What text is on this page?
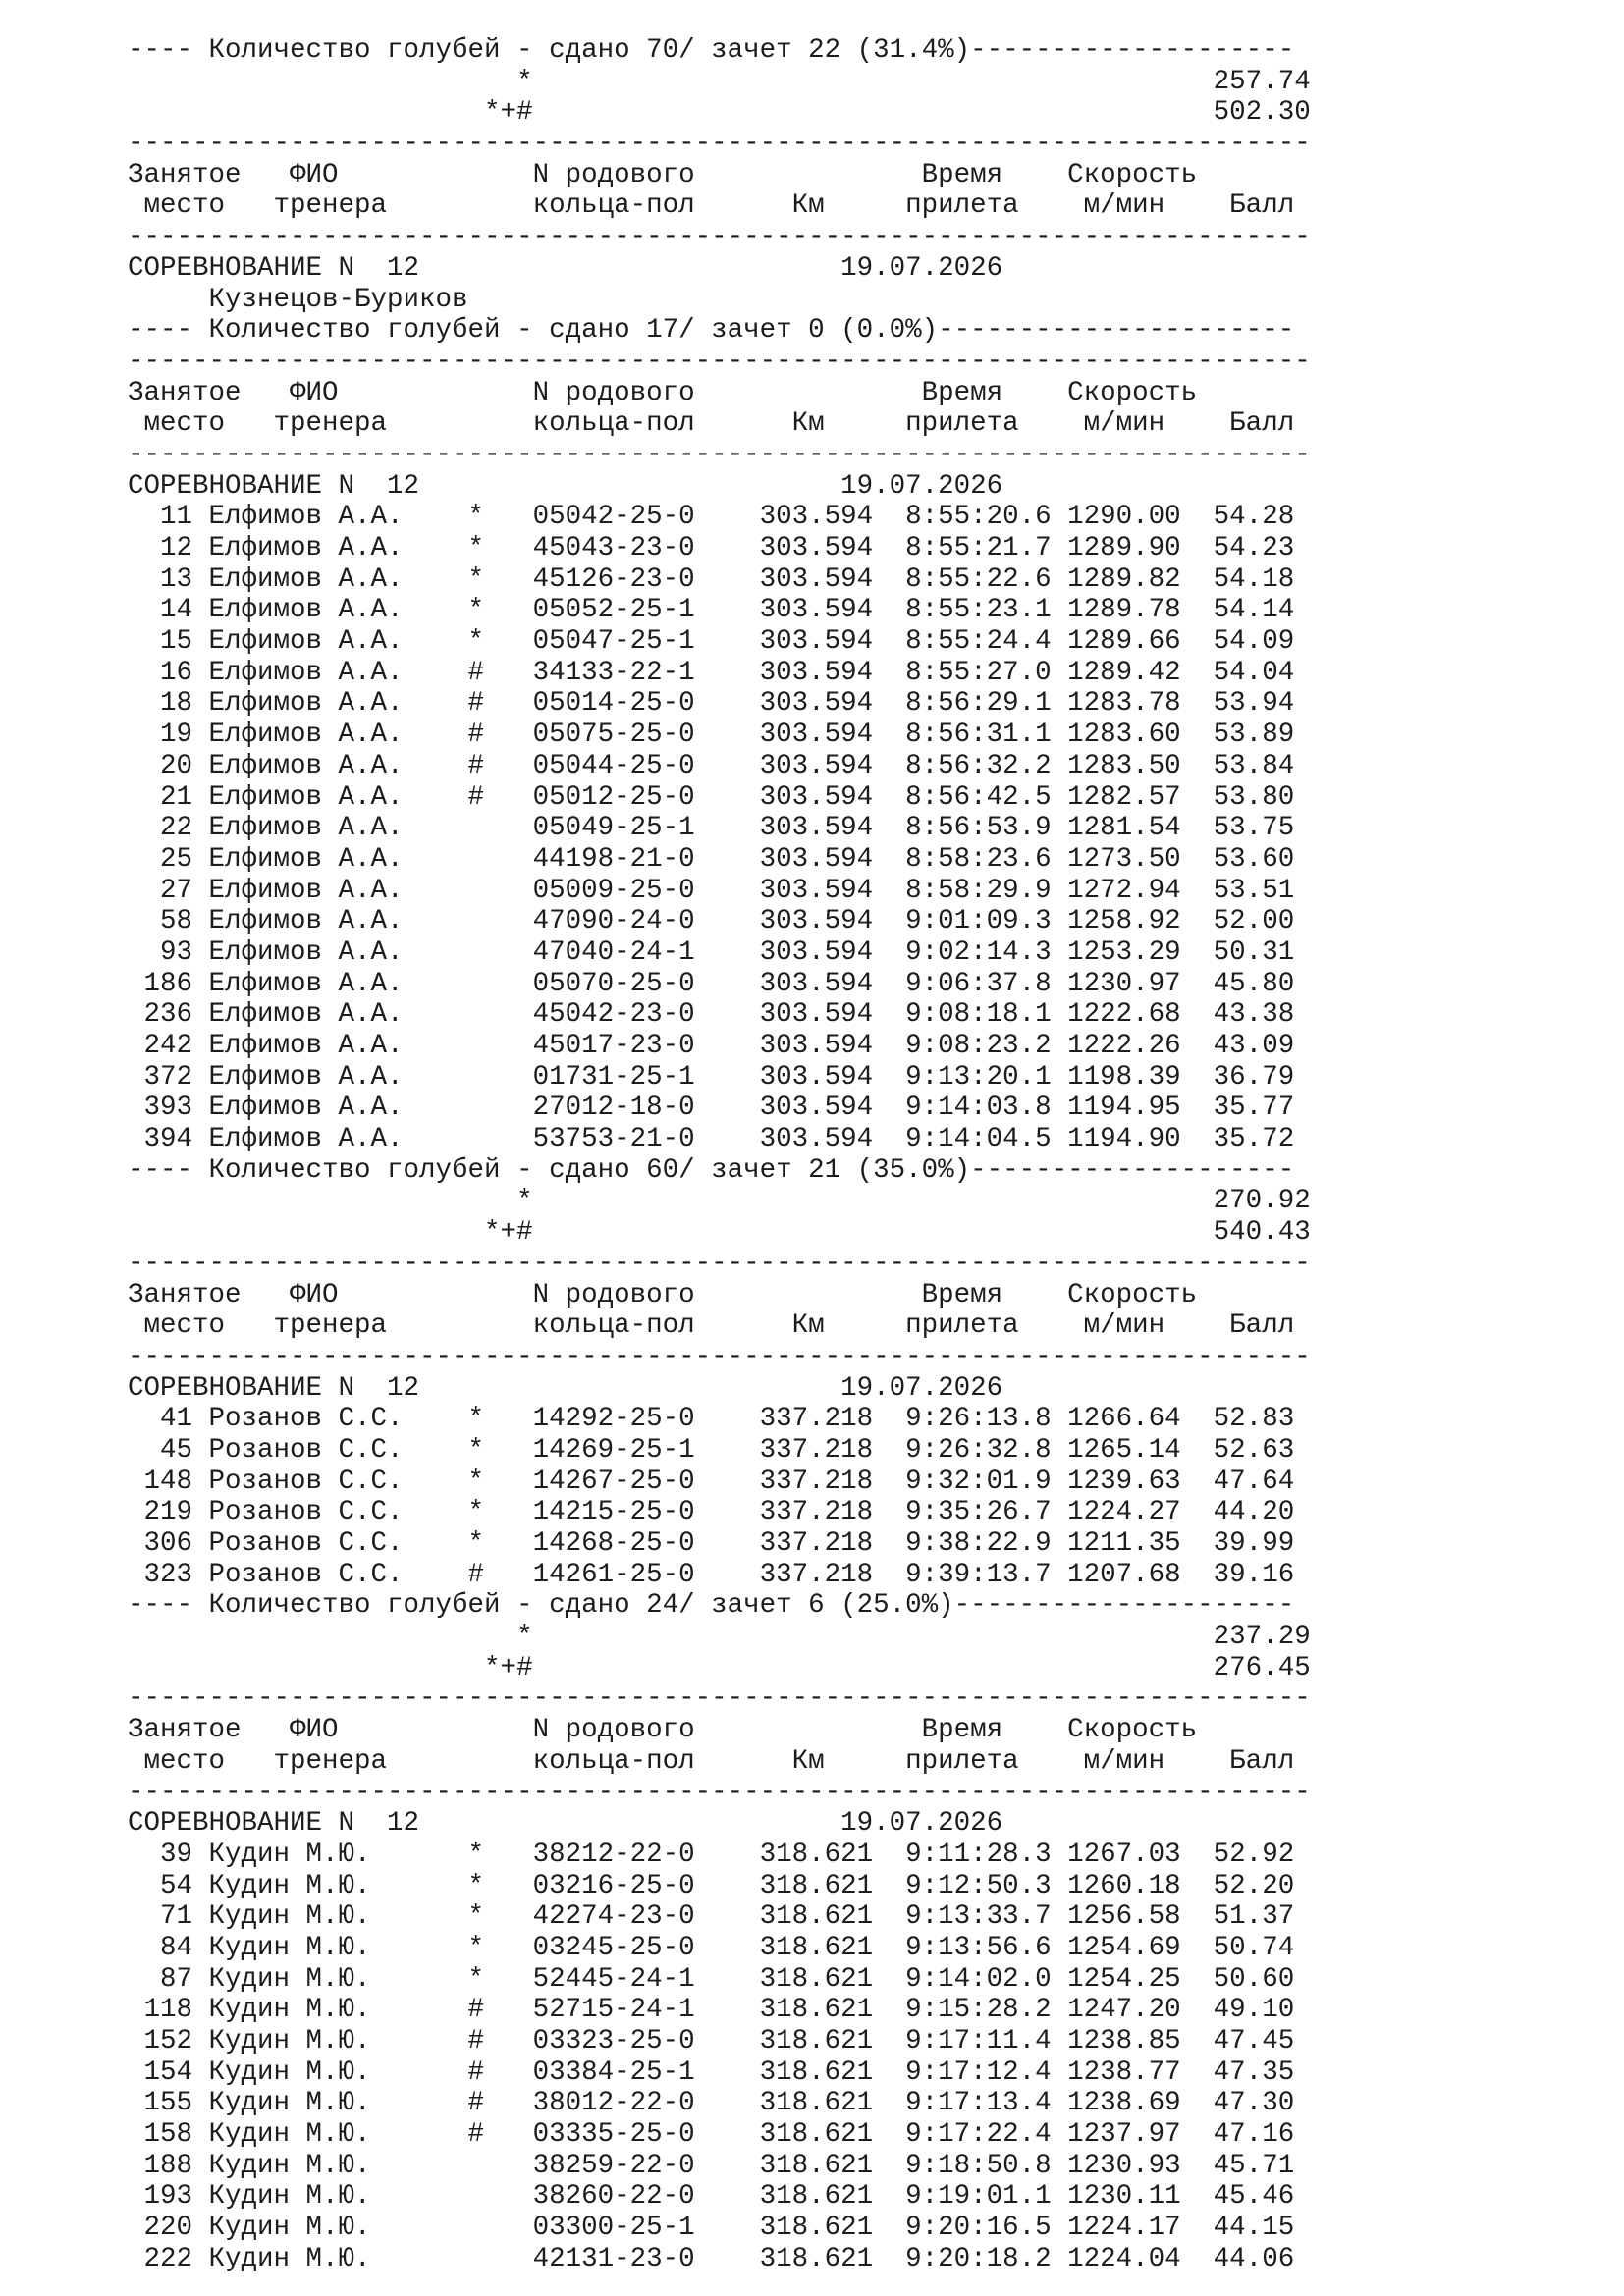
---- Количество голубей - сдано 70/ зачет 22 (31.4%)--------------------
*                                          257.74
*+#                                          502.30
-------------------------------------------------------------------------
Занятое   ФИО            N родового              Время    Скорость
место   тренера         кольца-пол      Км     прилета    м/мин    Балл
-------------------------------------------------------------------------
СОРЕВНОВАНИЕ N  12                          19.07.2026
Кузнецов-Буриков
---- Количество голубей - сдано 17/ зачет 0 (0.0%)----------------------
-------------------------------------------------------------------------
Занятое   ФИО            N родового              Время    Скорость
место   тренера         кольца-пол      Км     прилета    м/мин    Балл
-------------------------------------------------------------------------
СОРЕВНОВАНИЕ N  12                          19.07.2026
11 Елфимов А.А.    *   05042-25-0    303.594  8:55:20.6 1290.00  54.28
12 Елфимов А.А.    *   45043-23-0    303.594  8:55:21.7 1289.90  54.23
13 Елфимов А.А.    *   45126-23-0    303.594  8:55:22.6 1289.82  54.18
14 Елфимов А.А.    *   05052-25-1    303.594  8:55:23.1 1289.78  54.14
15 Елфимов А.А.    *   05047-25-1    303.594  8:55:24.4 1289.66  54.09
16 Елфимов А.А.    #   34133-22-1    303.594  8:55:27.0 1289.42  54.04
18 Елфимов А.А.    #   05014-25-0    303.594  8:56:29.1 1283.78  53.94
19 Елфимов А.А.    #   05075-25-0    303.594  8:56:31.1 1283.60  53.89
20 Елфимов А.А.    #   05044-25-0    303.594  8:56:32.2 1283.50  53.84
21 Елфимов А.А.    #   05012-25-0    303.594  8:56:42.5 1282.57  53.80
22 Елфимов А.А.        05049-25-1    303.594  8:56:53.9 1281.54  53.75
25 Елфимов А.А.        44198-21-0    303.594  8:58:23.6 1273.50  53.60
27 Елфимов А.А.        05009-25-0    303.594  8:58:29.9 1272.94  53.51
58 Елфимов А.А.        47090-24-0    303.594  9:01:09.3 1258.92  52.00
93 Елфимов А.А.        47040-24-1    303.594  9:02:14.3 1253.29  50.31
186 Елфимов А.А.        05070-25-0    303.594  9:06:37.8 1230.97  45.80
236 Елфимов А.А.        45042-23-0    303.594  9:08:18.1 1222.68  43.38
242 Елфимов А.А.        45017-23-0    303.594  9:08:23.2 1222.26  43.09
372 Елфимов А.А.        01731-25-1    303.594  9:13:20.1 1198.39  36.79
393 Елфимов А.А.        27012-18-0    303.594  9:14:03.8 1194.95  35.77
394 Елфимов А.А.        53753-21-0    303.594  9:14:04.5 1194.90  35.72
---- Количество голубей - сдано 60/ зачет 21 (35.0%)--------------------
*                                          270.92
*+#                                          540.43
-------------------------------------------------------------------------
Занятое   ФИО            N родового              Время    Скорость
место   тренера         кольца-пол      Км     прилета    м/мин    Балл
-------------------------------------------------------------------------
СОРЕВНОВАНИЕ N  12                          19.07.2026
41 Розанов С.С.    *   14292-25-0    337.218  9:26:13.8 1266.64  52.83
45 Розанов С.С.    *   14269-25-1    337.218  9:26:32.8 1265.14  52.63
148 Розанов С.С.    *   14267-25-0    337.218  9:32:01.9 1239.63  47.64
219 Розанов С.С.    *   14215-25-0    337.218  9:35:26.7 1224.27  44.20
306 Розанов С.С.    *   14268-25-0    337.218  9:38:22.9 1211.35  39.99
323 Розанов С.С.    #   14261-25-0    337.218  9:39:13.7 1207.68  39.16
---- Количество голубей - сдано 24/ зачет 6 (25.0%)---------------------
*                                          237.29
*+#                                          276.45
-------------------------------------------------------------------------
Занятое   ФИО            N родового              Время    Скорость
место   тренера         кольца-пол      Км     прилета    м/мин    Балл
-------------------------------------------------------------------------
СОРЕВНОВАНИЕ N  12                          19.07.2026
39 Кудин М.Ю.      *   38212-22-0    318.621  9:11:28.3 1267.03  52.92
54 Кудин М.Ю.      *   03216-25-0    318.621  9:12:50.3 1260.18  52.20
71 Кудин М.Ю.      *   42274-23-0    318.621  9:13:33.7 1256.58  51.37
84 Кудин М.Ю.      *   03245-25-0    318.621  9:13:56.6 1254.69  50.74
87 Кудин М.Ю.      *   52445-24-1    318.621  9:14:02.0 1254.25  50.60
118 Кудин М.Ю.      #   52715-24-1    318.621  9:15:28.2 1247.20  49.10
152 Кудин М.Ю.      #   03323-25-0    318.621  9:17:11.4 1238.85  47.45
154 Кудин М.Ю.      #   03384-25-1    318.621  9:17:12.4 1238.77  47.35
155 Кудин М.Ю.      #   38012-22-0    318.621  9:17:13.4 1238.69  47.30
158 Кудин М.Ю.      #   03335-25-0    318.621  9:17:22.4 1237.97  47.16
188 Кудин М.Ю.          38259-22-0    318.621  9:18:50.8 1230.93  45.71
193 Кудин М.Ю.          38260-22-0    318.621  9:19:01.1 1230.11  45.46
220 Кудин М.Ю.          03300-25-1    318.621  9:20:16.5 1224.17  44.15
222 Кудин М.Ю.          42131-23-0    318.621  9:20:18.2 1224.04  44.06
